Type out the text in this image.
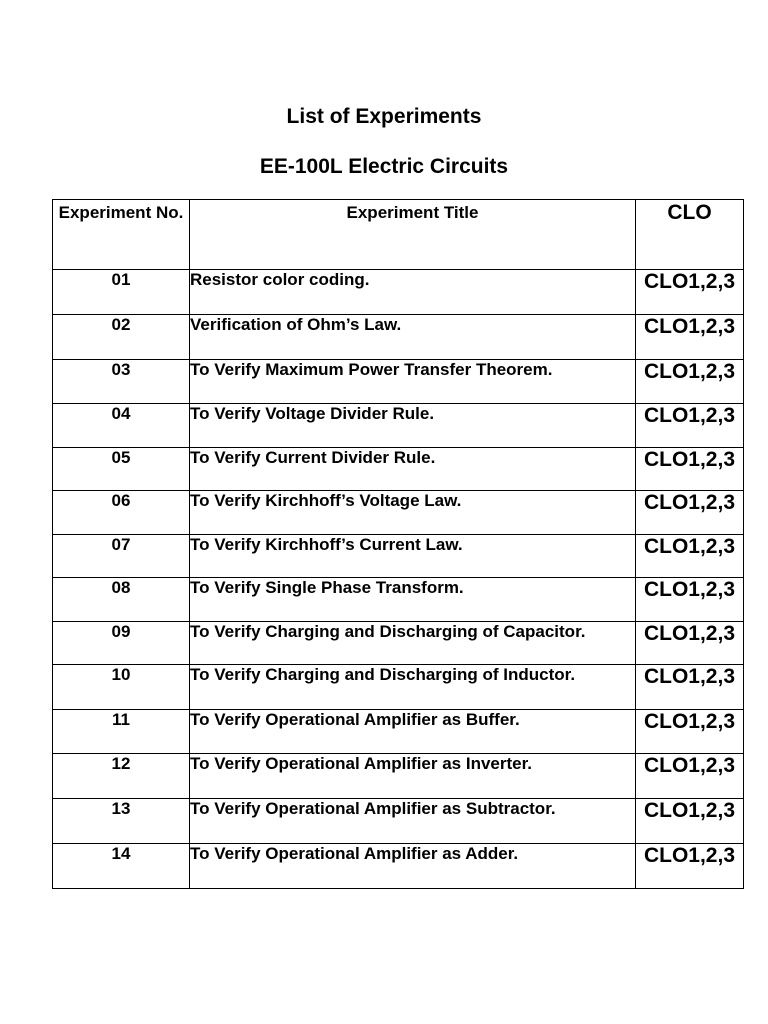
List of Experiments
EE-100L Electric Circuits
Experiment No.	Experiment Title	CLO
01	Resistor color coding.	CLO1,2,3
02	Verification of Ohm’s Law.	CLO1,2,3
03	To Verify Maximum Power Transfer Theorem.	CLO1,2,3
04	To Verify Voltage Divider Rule.	CLO1,2,3
05	To Verify Current Divider Rule.	CLO1,2,3
06	To Verify Kirchhoff’s Voltage Law.	CLO1,2,3
07	To Verify Kirchhoff’s Current Law.	CLO1,2,3
08	To Verify Single Phase Transform.	CLO1,2,3
09	To Verify Charging and Discharging of Capacitor.	CLO1,2,3
10	To Verify Charging and Discharging of Inductor.	CLO1,2,3
11	To Verify Operational Amplifier as Buffer.	CLO1,2,3
12	To Verify Operational Amplifier as Inverter.	CLO1,2,3
13	To Verify Operational Amplifier as Subtractor.	CLO1,2,3
14	To Verify Operational Amplifier as Adder.	CLO1,2,3
